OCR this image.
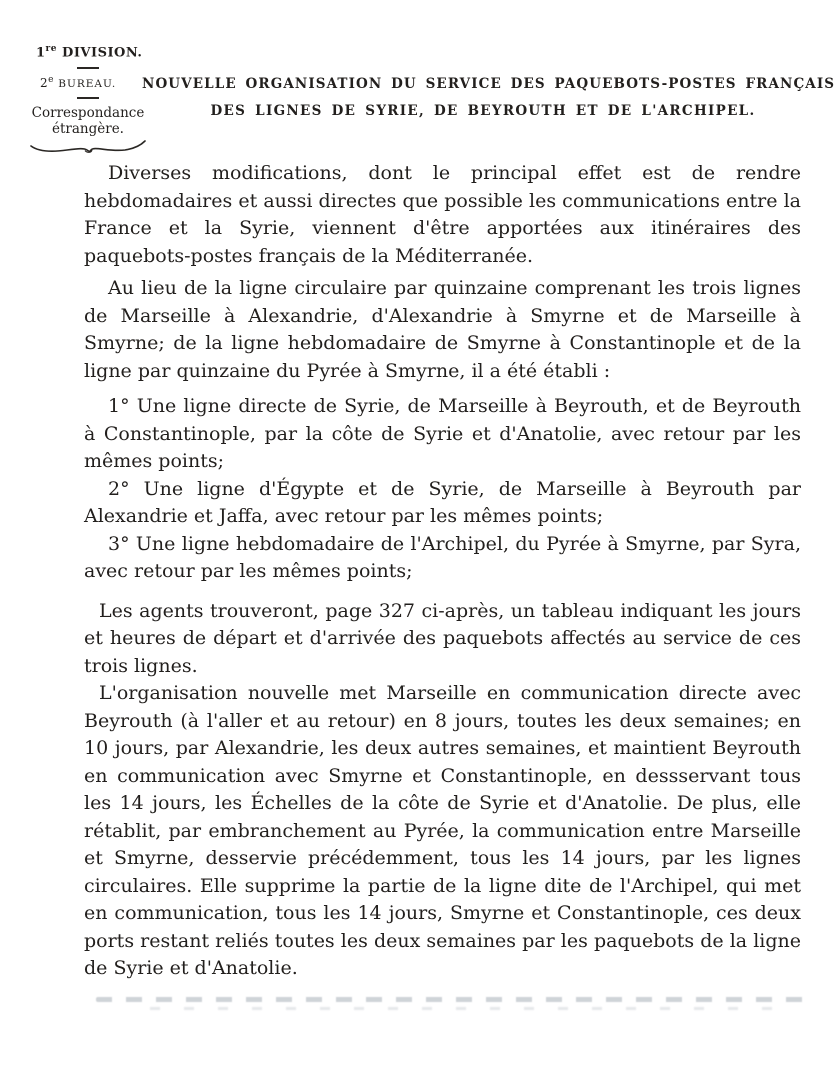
1re DIVISION.
2e BUREAU.
Correspondance
étrangère.
NOUVELLE ORGANISATION DU SERVICE DES PAQUEBOTS-POSTES FRANÇAIS
DES LIGNES DE SYRIE, DE BEYROUTH ET DE L'ARCHIPEL.

Diverses modifications, dont le principal effet est de rendre hebdomadaires et aussi directes que possible les communications entre la France et la Syrie, viennent d'être apportées aux itinéraires des paquebots-postes français de la Méditerranée.

Au lieu de la ligne circulaire par quinzaine comprenant les trois lignes de Marseille à Alexandrie, d'Alexandrie à Smyrne et de Marseille à Smyrne; de la ligne hebdomadaire de Smyrne à Constantinople et de la ligne par quinzaine du Pyrée à Smyrne, il a été établi :

1° Une ligne directe de Syrie, de Marseille à Beyrouth, et de Beyrouth à Constantinople, par la côte de Syrie et d'Anatolie, avec retour par les mêmes points;

2° Une ligne d'Égypte et de Syrie, de Marseille à Beyrouth par Alexandrie et Jaffa, avec retour par les mêmes points;

3° Une ligne hebdomadaire de l'Archipel, du Pyrée à Smyrne, par Syra, avec retour par les mêmes points;

Les agents trouveront, page 327 ci-après, un tableau indiquant les jours et heures de départ et d'arrivée des paquebots affectés au service de ces trois lignes.

L'organisation nouvelle met Marseille en communication directe avec Beyrouth (à l'aller et au retour) en 8 jours, toutes les deux semaines; en 10 jours, par Alexandrie, les deux autres semaines, et maintient Beyrouth en communication avec Smyrne et Constantinople, en dessservant tous les 14 jours, les Échelles de la côte de Syrie et d'Anatolie. De plus, elle rétablit, par embranchement au Pyrée, la communication entre Marseille et Smyrne, desservie précédemment, tous les 14 jours, par les lignes circulaires. Elle supprime la partie de la ligne dite de l'Archipel, qui met en communication, tous les 14 jours, Smyrne et Constantinople, ces deux ports restant reliés toutes les deux semaines par les paquebots de la ligne de Syrie et d'Anatolie.
